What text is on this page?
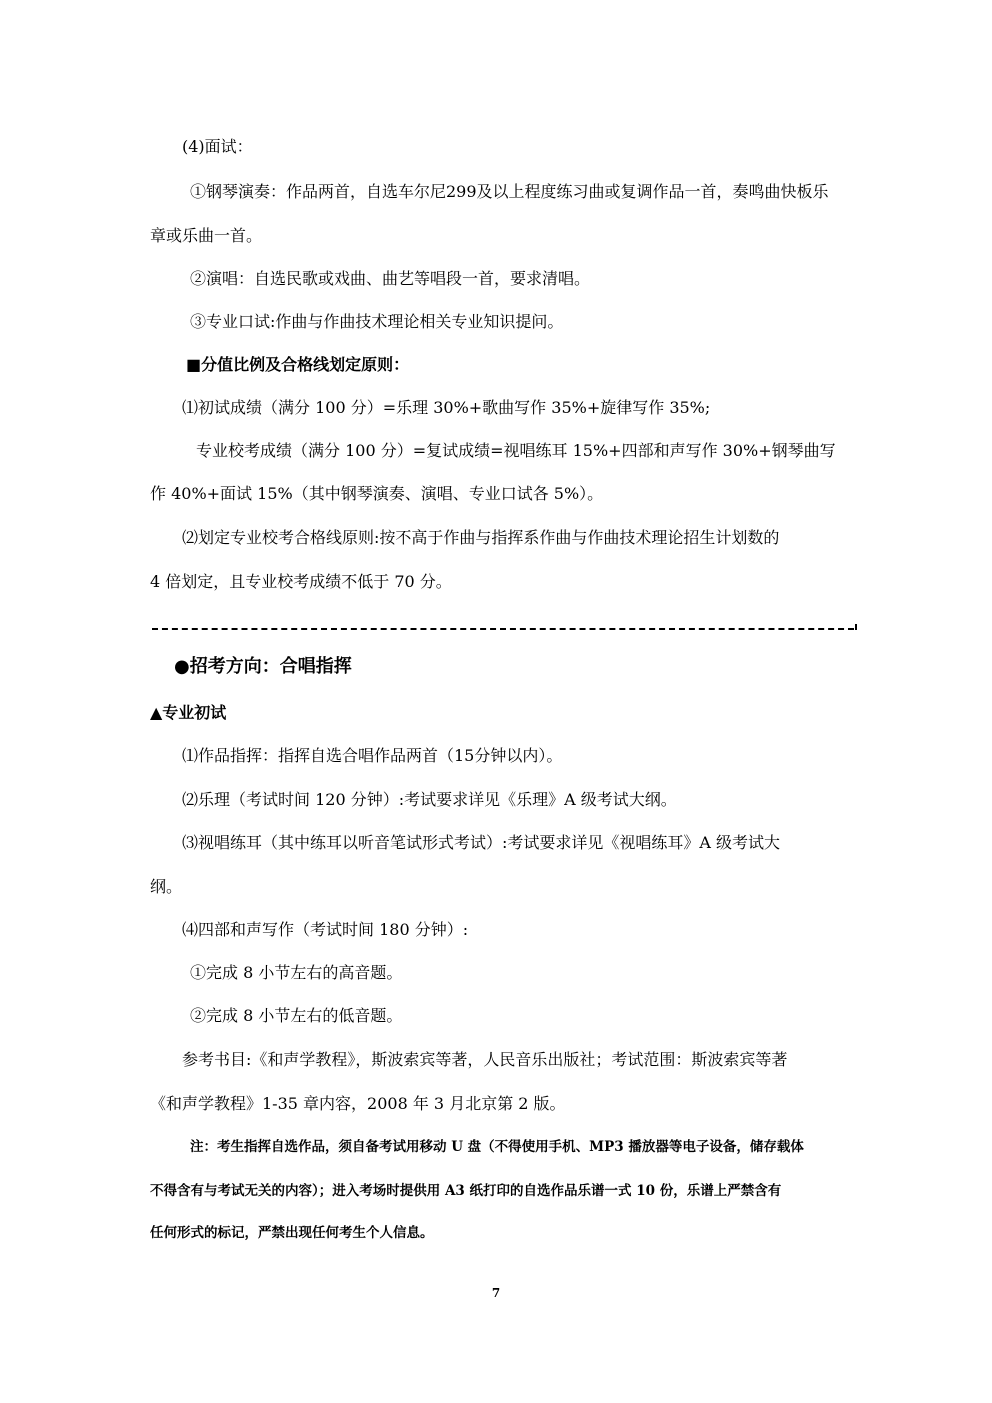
(4)面试：
①钢琴演奏：作品两首，自选车尔尼299及以上程度练习曲或复调作品一首，奏鸣曲快板乐
章或乐曲一首。
②演唱：自选民歌或戏曲、曲艺等唱段一首，要求清唱。
③专业口试:作曲与作曲技术理论相关专业知识提问。
■分值比例及合格线划定原则：
⑴初试成绩（满分 100 分）=乐理 30%+歌曲写作 35%+旋律写作 35%;
专业校考成绩（满分 100 分）=复试成绩=视唱练耳 15%+四部和声写作 30%+钢琴曲写
作 40%+面试 15%（其中钢琴演奏、演唱、专业口试各 5%）。
⑵划定专业校考合格线原则:按不高于作曲与指挥系作曲与作曲技术理论招生计划数的
4 倍划定，且专业校考成绩不低于 70 分。
●招考方向：合唱指挥
▲专业初试
⑴作品指挥：指挥自选合唱作品两首（15分钟以内）。
⑵乐理（考试时间 120 分钟）:考试要求详见《乐理》A 级考试大纲。
⑶视唱练耳（其中练耳以听音笔试形式考试）:考试要求详见《视唱练耳》A 级考试大
纲。
⑷四部和声写作（考试时间 180 分钟）:
①完成 8 小节左右的高音题。
②完成 8 小节左右的低音题。
参考书目:《和声学教程》，斯波索宾等著，人民音乐出版社；考试范围：斯波索宾等著
《和声学教程》1-35 章内容，2008 年 3 月北京第 2 版。
注：考生指挥自选作品，须自备考试用移动 U 盘（不得使用手机、MP3 播放器等电子设备，储存载体
不得含有与考试无关的内容）；进入考场时提供用 A3 纸打印的自选作品乐谱一式 10 份，乐谱上严禁含有
任何形式的标记，严禁出现任何考生个人信息。
7
